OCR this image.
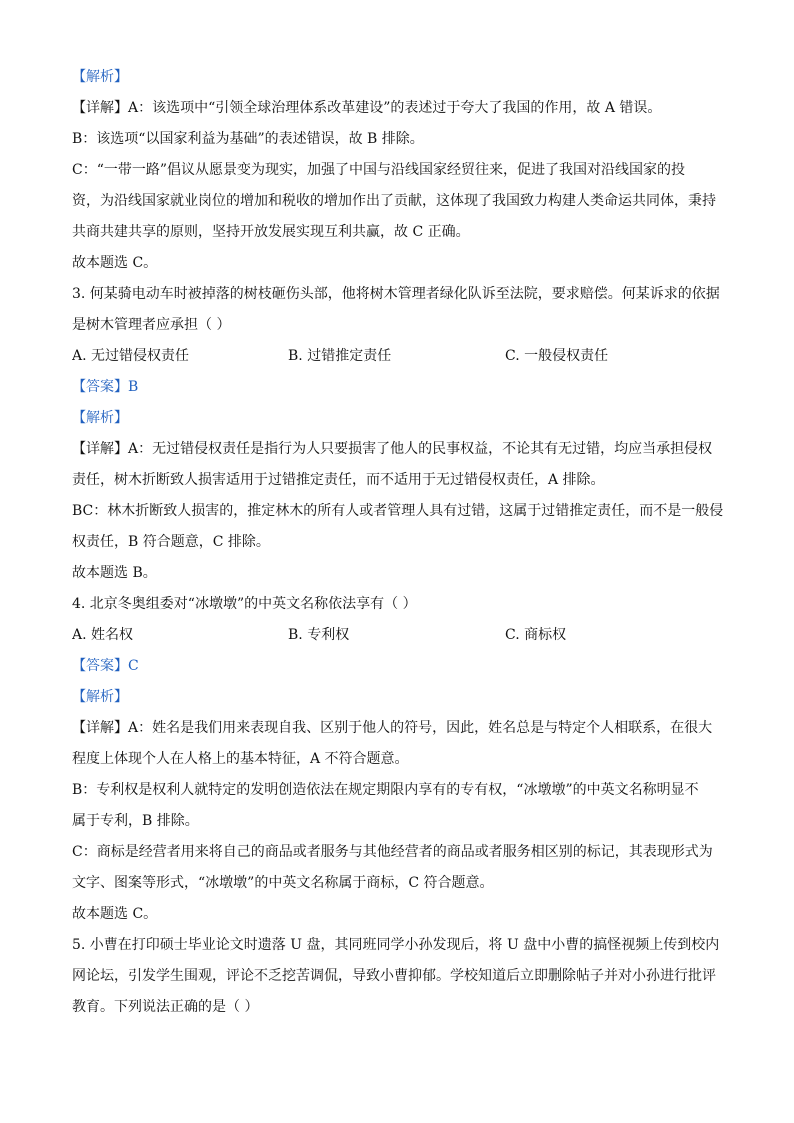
【解析】
【详解】A：该选项中“引领全球治理体系改革建设”的表述过于夸大了我国的作用，故 A 错误。
B：该选项“以国家利益为基础”的表述错误，故 B 排除。
C：“一带一路”倡议从愿景变为现实，加强了中国与沿线国家经贸往来，促进了我国对沿线国家的投
资，为沿线国家就业岗位的增加和税收的增加作出了贡献，这体现了我国致力构建人类命运共同体，秉持
共商共建共享的原则，坚持开放发展实现互利共赢，故 C 正确。
故本题选 C。
3. 何某骑电动车时被掉落的树枝砸伤头部，他将树木管理者绿化队诉至法院，要求赔偿。何某诉求的依据
是树木管理者应承担（ ）
A. 无过错侵权责任	B. 过错推定责任	C. 一般侵权责任
【答案】B
【解析】
【详解】A：无过错侵权责任是指行为人只要损害了他人的民事权益，不论其有无过错，均应当承担侵权
责任，树木折断致人损害适用于过错推定责任，而不适用于无过错侵权责任，A 排除。
BC：林木折断致人损害的，推定林木的所有人或者管理人具有过错，这属于过错推定责任，而不是一般侵
权责任，B 符合题意，C 排除。
故本题选 B。
4. 北京冬奥组委对“冰墩墩”的中英文名称依法享有（ ）
A. 姓名权	B. 专利权	C. 商标权
【答案】C
【解析】
【详解】A：姓名是我们用来表现自我、区别于他人的符号，因此，姓名总是与特定个人相联系，在很大
程度上体现个人在人格上的基本特征，A 不符合题意。
B：专利权是权利人就特定的发明创造依法在规定期限内享有的专有权，“冰墩墩”的中英文名称明显不
属于专利，B 排除。
C：商标是经营者用来将自己的商品或者服务与其他经营者的商品或者服务相区别的标记，其表现形式为
文字、图案等形式，“冰墩墩”的中英文名称属于商标，C 符合题意。
故本题选 C。
5. 小曹在打印硕士毕业论文时遗落 U 盘，其同班同学小孙发现后，将 U 盘中小曹的搞怪视频上传到校内
网论坛，引发学生围观，评论不乏挖苦调侃，导致小曹抑郁。学校知道后立即删除帖子并对小孙进行批评
教育。下列说法正确的是（ ）
